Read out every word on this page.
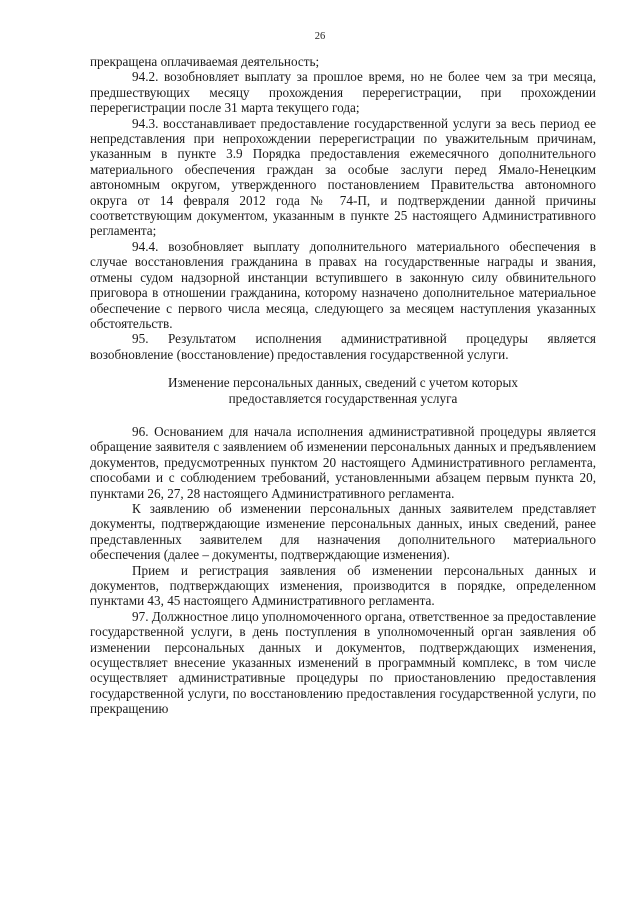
26

прекращена оплачиваемая деятельность;

94.2. возобновляет выплату за прошлое время, но не более чем за три месяца, предшествующих месяцу прохождения перерегистрации, при прохождении перерегистрации после 31 марта текущего года;

94.3. восстанавливает предоставление государственной услуги за весь период ее непредставления при непрохождении перерегистрации по уважительным причинам, указанным в пункте 3.9 Порядка предоставления ежемесячного дополнительного материального обеспечения граждан за особые заслуги перед Ямало-Ненецким автономным округом, утвержденного постановлением Правительства автономного округа от 14 февраля 2012 года № 74-П, и подтверждении данной причины соответствующим документом, указанным в пункте 25 настоящего Административного регламента;

94.4. возобновляет выплату дополнительного материального обеспечения в случае восстановления гражданина в правах на государственные награды и звания, отмены судом надзорной инстанции вступившего в законную силу обвинительного приговора в отношении гражданина, которому назначено дополнительное материальное обеспечение с первого числа месяца, следующего за месяцем наступления указанных обстоятельств.

95. Результатом исполнения административной процедуры является возобновление (восстановление) предоставления государственной услуги.

Изменение персональных данных, сведений с учетом которых
предоставляется государственная услуга

96. Основанием для начала исполнения административной процедуры является обращение заявителя с заявлением об изменении персональных данных и предъявлением документов, предусмотренных пунктом 20 настоящего Административного регламента, способами и с соблюдением требований, установленными абзацем первым пункта 20, пунктами 26, 27, 28 настоящего Административного регламента.

К заявлению об изменении персональных данных заявителем представляет документы, подтверждающие изменение персональных данных, иных сведений, ранее представленных заявителем для назначения дополнительного материального обеспечения (далее – документы, подтверждающие изменения).

Прием и регистрация заявления об изменении персональных данных и документов, подтверждающих изменения, производится в порядке, определенном пунктами 43, 45 настоящего Административного регламента.

97. Должностное лицо уполномоченного органа, ответственное за предоставление государственной услуги, в день поступления в уполномоченный орган заявления об изменении персональных данных и документов, подтверждающих изменения, осуществляет внесение указанных изменений в программный комплекс, в том числе осуществляет административные процедуры по приостановлению предоставления государственной услуги, по восстановлению предоставления государственной услуги, по прекращению
